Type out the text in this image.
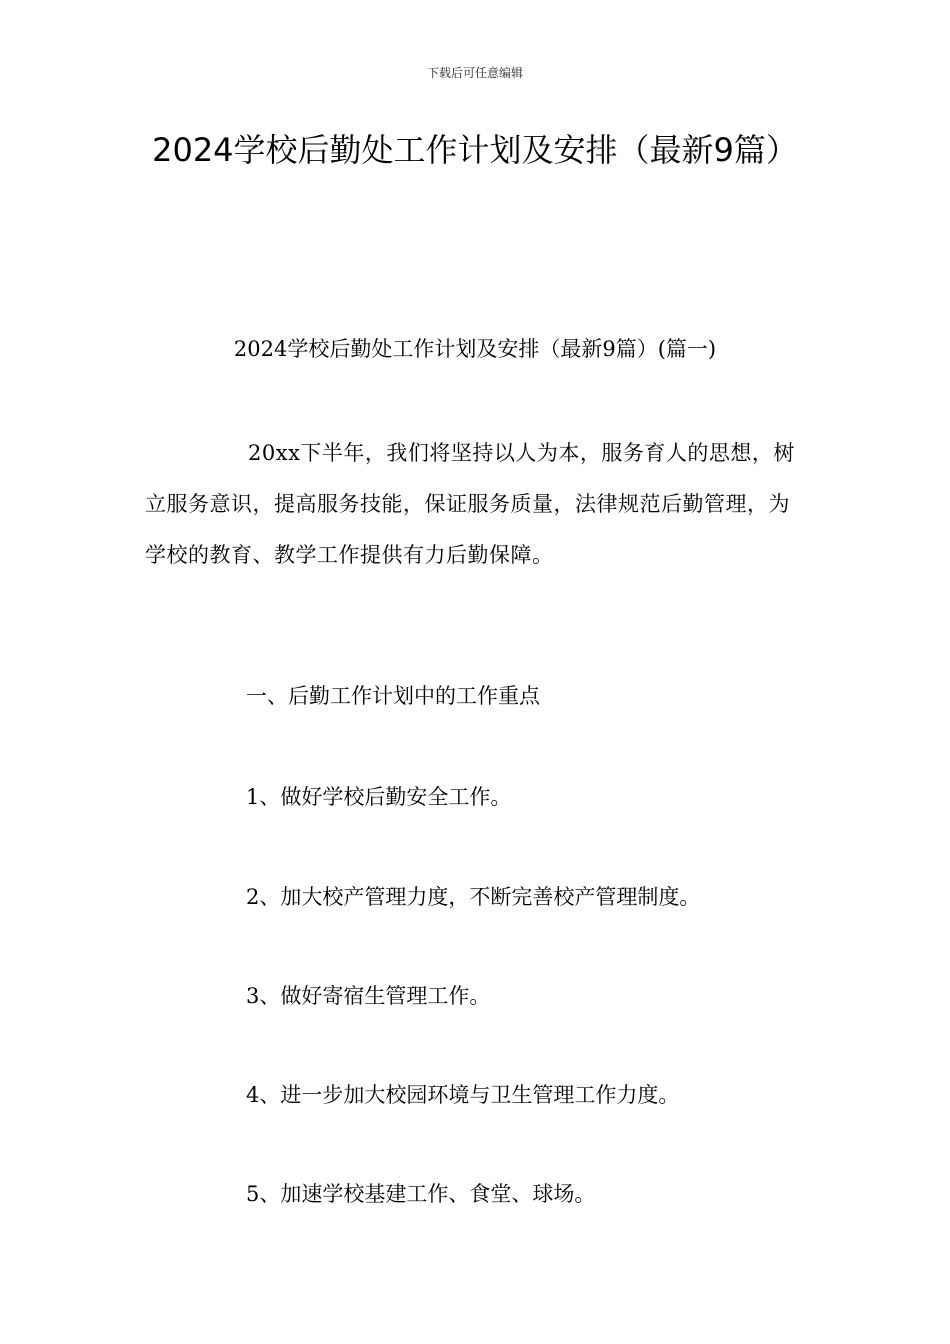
下载后可任意编辑
2024学校后勤处工作计划及安排（最新9篇）
2024学校后勤处工作计划及安排（最新9篇）(篇一)

20xx下半年，我们将坚持以人为本，服务育人的思想，树立服务意识，提高服务技能，保证服务质量，法律规范后勤管理，为学校的教育、教学工作提供有力后勤保障。

一、后勤工作计划中的工作重点

1、做好学校后勤安全工作。

2、加大校产管理力度，不断完善校产管理制度。

3、做好寄宿生管理工作。

4、进一步加大校园环境与卫生管理工作力度。

5、加速学校基建工作、食堂、球场。
